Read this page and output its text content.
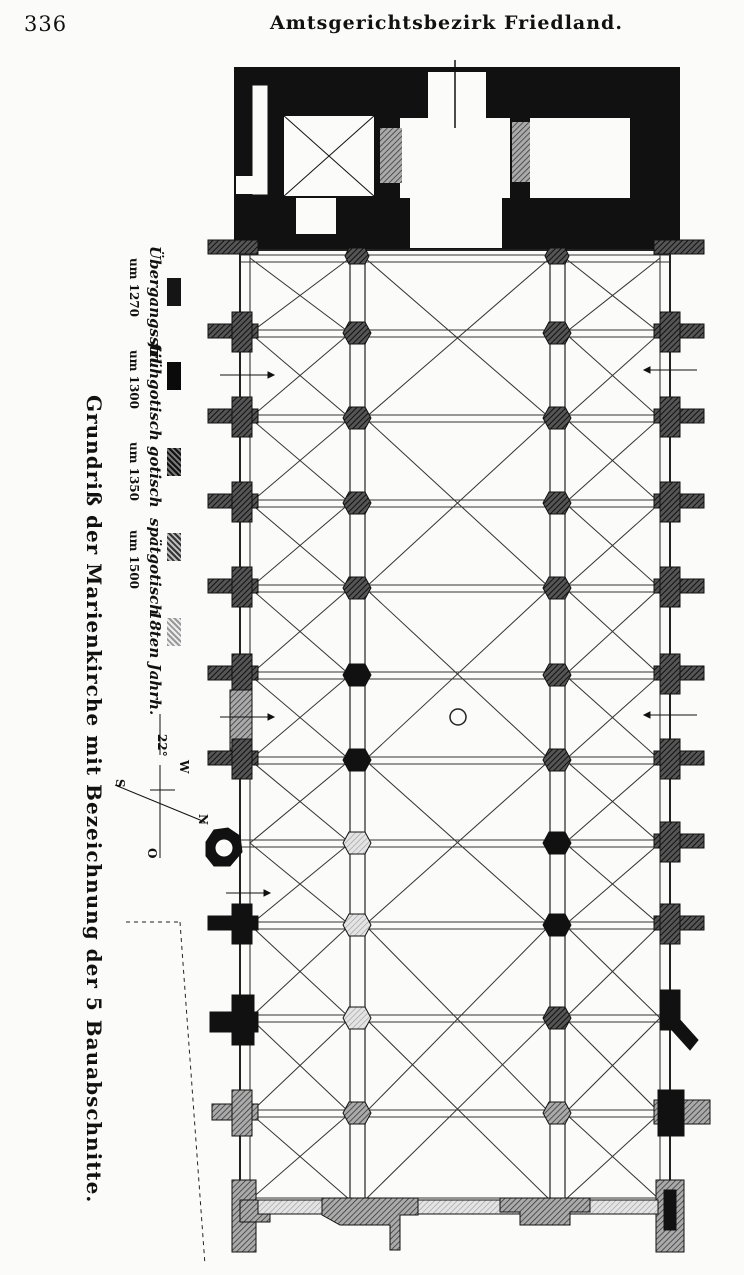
336	Amtsgerichtsbezirk Friedland.
Übergangsstil
um 1270
frühgotisch
um 1300
gotisch
um 1350
spätgotisch
um 1500
18ten Jahrh.
Grundriß der Marienkirche mit Bezeichnung der 5 Bauabschnitte.	22°
W
N
O
S
